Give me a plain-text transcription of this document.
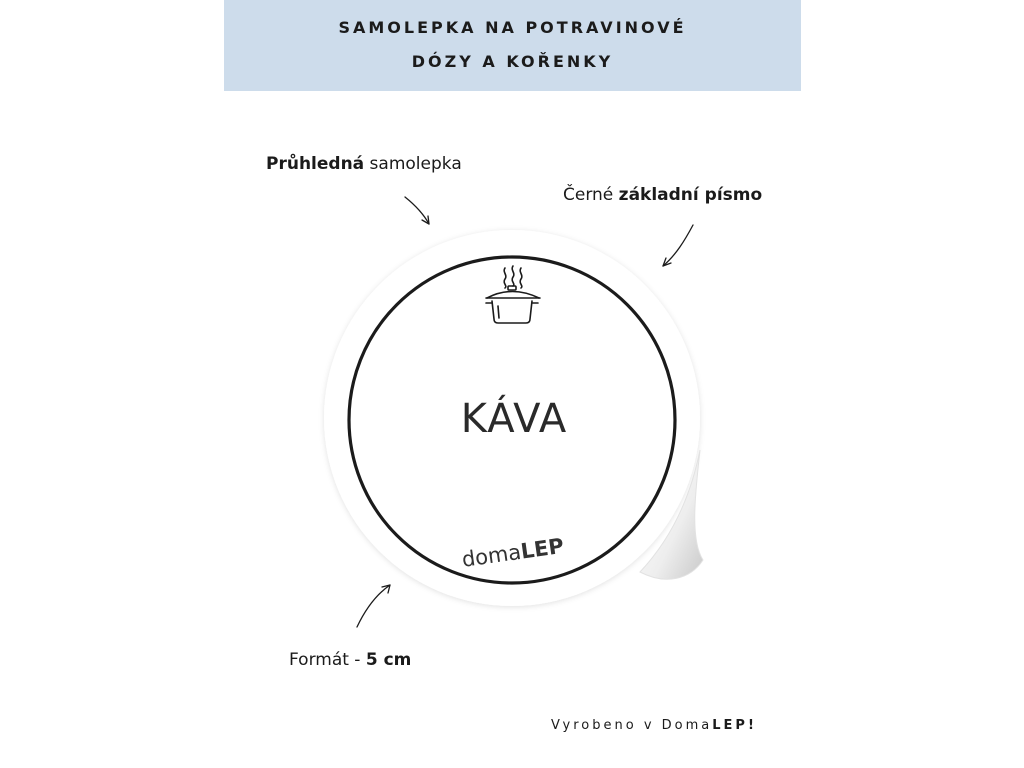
SAMOLEPKA NA POTRAVINOVÉ
DÓZY A KOŘENKY
Průhledná samolepka
Černé základní písmo
Formát - 5 cm
KÁVA
domaLEP
Vyrobeno v DomaLEP!
